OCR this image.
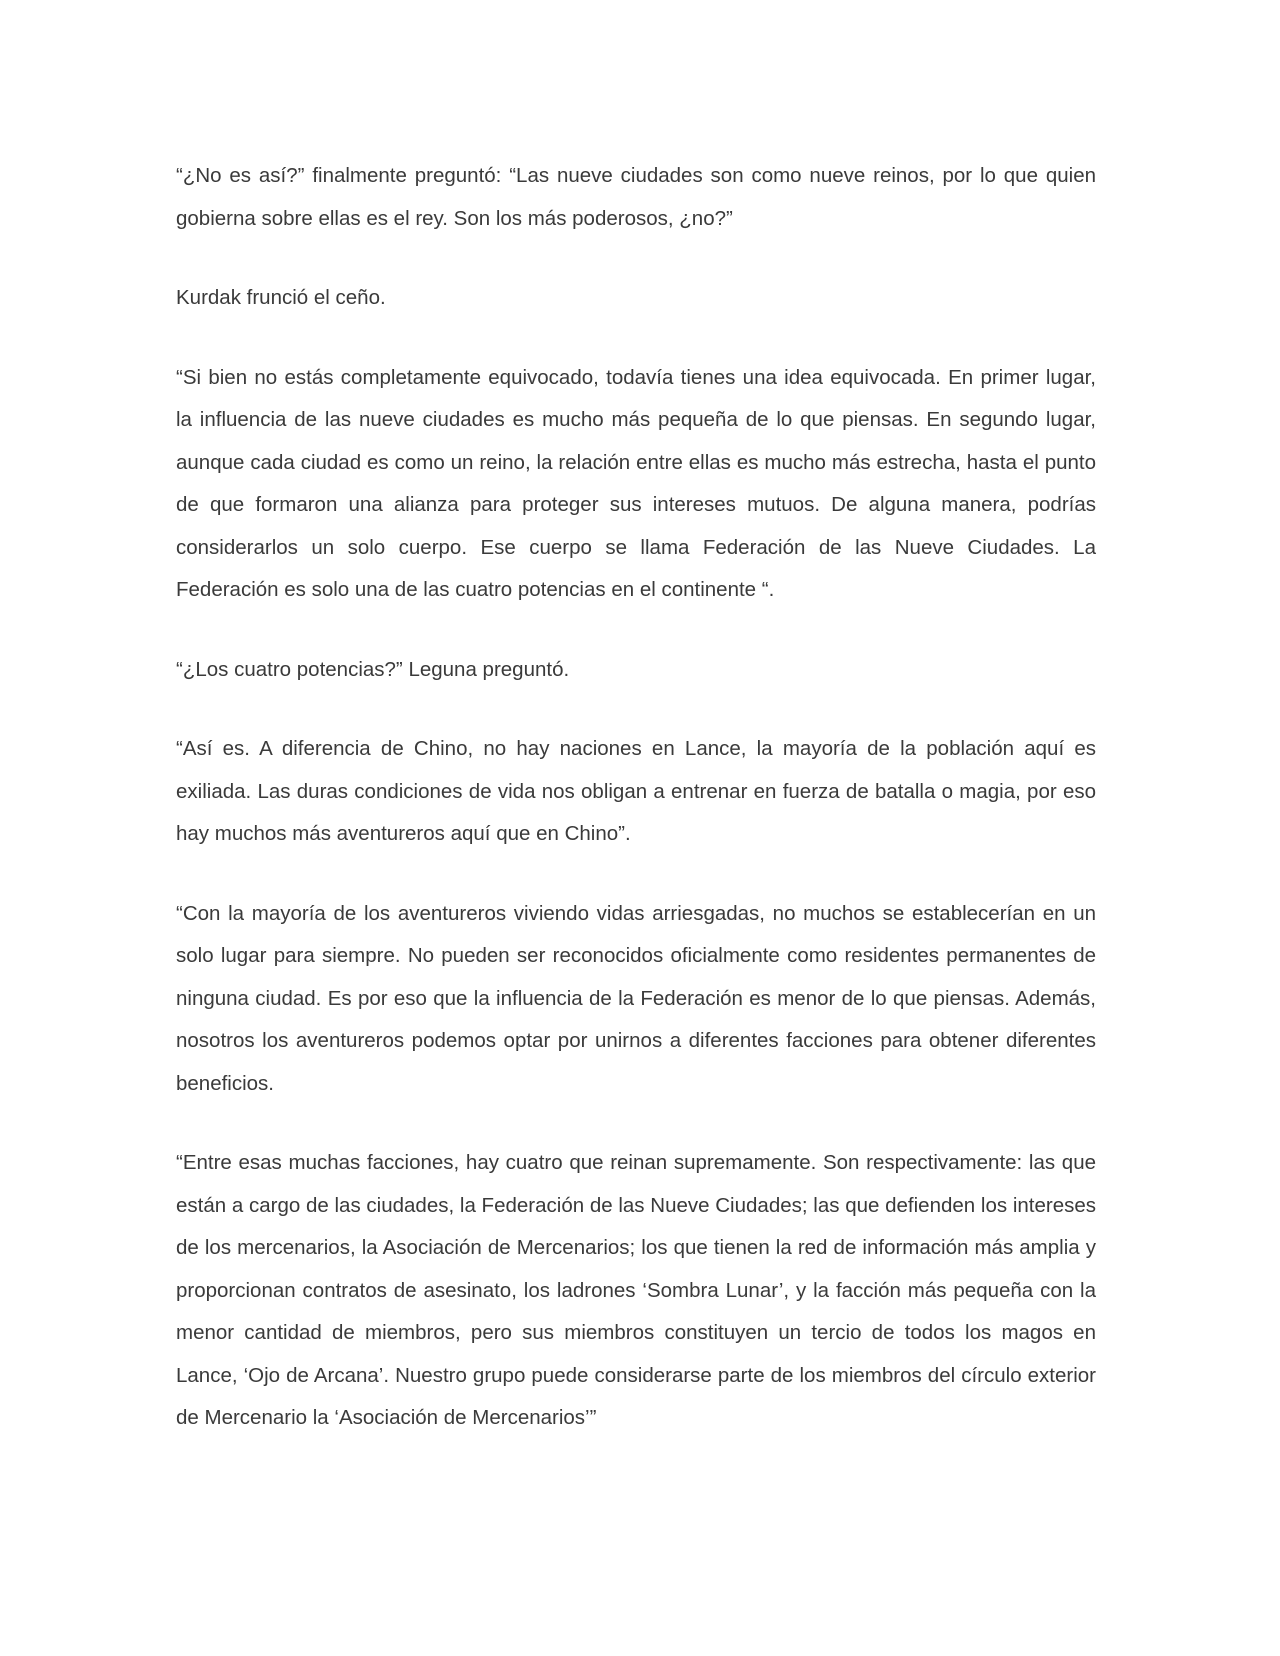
“¿No es así?” finalmente preguntó: “Las nueve ciudades son como nueve reinos, por lo que quien gobierna sobre ellas es el rey. Son los más poderosos, ¿no?”

Kurdak frunció el ceño.

“Si bien no estás completamente equivocado, todavía tienes una idea equivocada. En primer lugar, la influencia de las nueve ciudades es mucho más pequeña de lo que piensas. En segundo lugar, aunque cada ciudad es como un reino, la relación entre ellas es mucho más estrecha, hasta el punto de que formaron una alianza para proteger sus intereses mutuos. De alguna manera, podrías considerarlos un solo cuerpo. Ese cuerpo se llama Federación de las Nueve Ciudades. La Federación es solo una de las cuatro potencias en el continente “.

“¿Los cuatro potencias?” Leguna preguntó.

“Así es. A diferencia de Chino, no hay naciones en Lance, la mayoría de la población aquí es exiliada. Las duras condiciones de vida nos obligan a entrenar en fuerza de batalla o magia, por eso hay muchos más aventureros aquí que en Chino”.

“Con la mayoría de los aventureros viviendo vidas arriesgadas, no muchos se establecerían en un solo lugar para siempre. No pueden ser reconocidos oficialmente como residentes permanentes de ninguna ciudad. Es por eso que la influencia de la Federación es menor de lo que piensas. Además, nosotros los aventureros podemos optar por unirnos a diferentes facciones para obtener diferentes beneficios.

“Entre esas muchas facciones, hay cuatro que reinan supremamente. Son respectivamente: las que están a cargo de las ciudades, la Federación de las Nueve Ciudades; las que defienden los intereses de los mercenarios, la Asociación de Mercenarios; los que tienen la red de información más amplia y proporcionan contratos de asesinato, los ladrones ‘Sombra Lunar’, y la facción más pequeña con la menor cantidad de miembros, pero sus miembros constituyen un tercio de todos los magos en Lance, ‘Ojo de Arcana’. Nuestro grupo puede considerarse parte de los miembros del círculo exterior de Mercenario la ‘Asociación de Mercenarios’”
